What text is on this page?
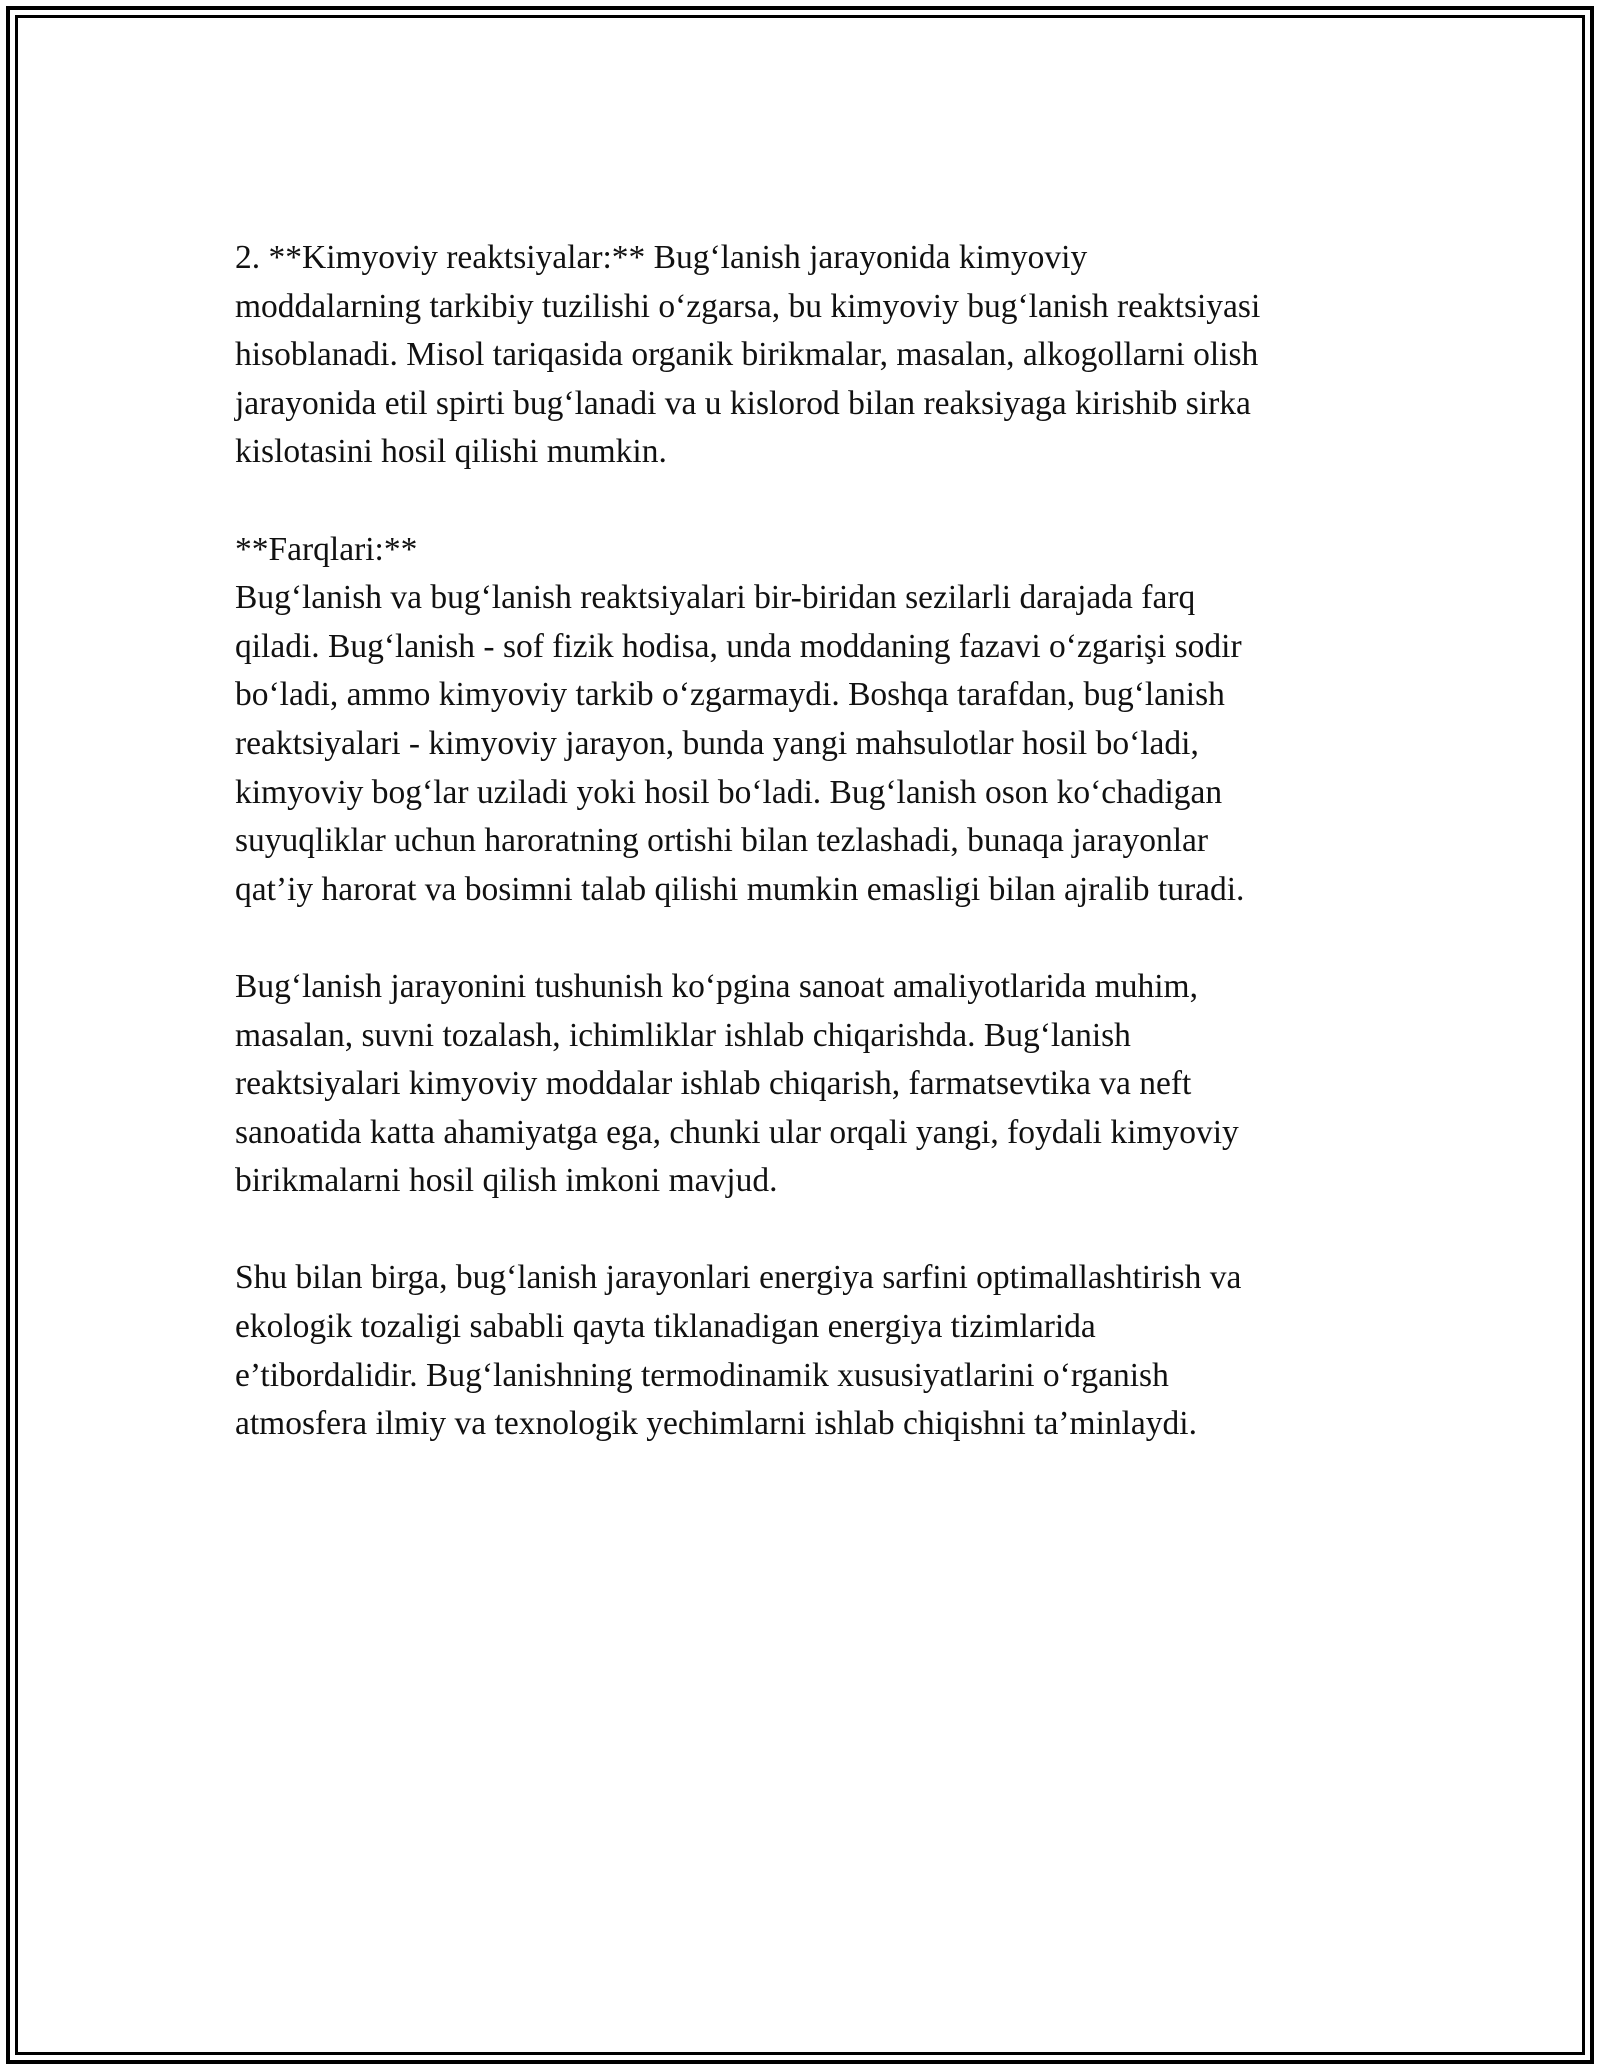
2. **Kimyoviy reaktsiyalar:** Bug‘lanish jarayonida kimyoviy
moddalarning tarkibiy tuzilishi o‘zgarsa, bu kimyoviy bug‘lanish reaktsiyasi
hisoblanadi. Misol tariqasida organik birikmalar, masalan, alkogollarni olish
jarayonida etil spirti bug‘lanadi va u kislorod bilan reaksiyaga kirishib sirka
kislotasini hosil qilishi mumkin.

**Farqlari:**

Bug‘lanish va bug‘lanish reaktsiyalari bir-biridan sezilarli darajada farq
qiladi. Bug‘lanish - sof fizik hodisa, unda moddaning fazavi o‘zgarişi sodir
bo‘ladi, ammo kimyoviy tarkib o‘zgarmaydi. Boshqa tarafdan, bug‘lanish
reaktsiyalari - kimyoviy jarayon, bunda yangi mahsulotlar hosil bo‘ladi,
kimyoviy bog‘lar uziladi yoki hosil bo‘ladi. Bug‘lanish oson ko‘chadigan
suyuqliklar uchun haroratning ortishi bilan tezlashadi, bunaqa jarayonlar
qat’iy harorat va bosimni talab qilishi mumkin emasligi bilan ajralib turadi.

Bug‘lanish jarayonini tushunish ko‘pgina sanoat amaliyotlarida muhim,
masalan, suvni tozalash, ichimliklar ishlab chiqarishda. Bug‘lanish
reaktsiyalari kimyoviy moddalar ishlab chiqarish, farmatsevtika va neft
sanoatida katta ahamiyatga ega, chunki ular orqali yangi, foydali kimyoviy
birikmalarni hosil qilish imkoni mavjud.

Shu bilan birga, bug‘lanish jarayonlari energiya sarfini optimallashtirish va
ekologik tozaligi sababli qayta tiklanadigan energiya tizimlarida
e’tibordalidir. Bug‘lanishning termodinamik xususiyatlarini o‘rganish
atmosfera ilmiy va texnologik yechimlarni ishlab chiqishni ta’minlaydi.
